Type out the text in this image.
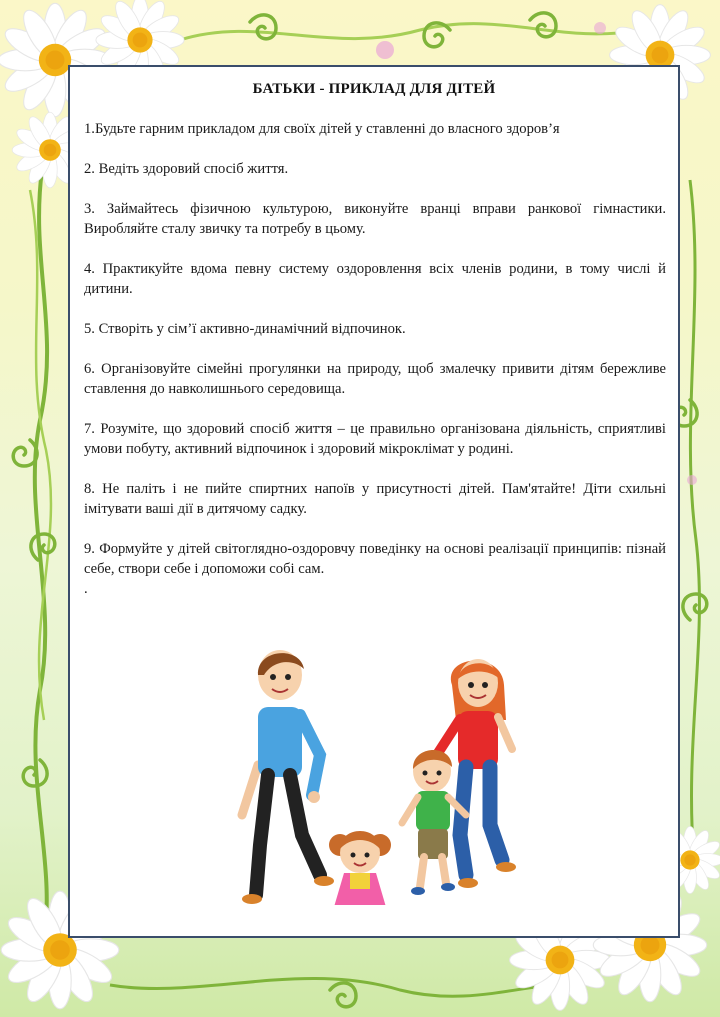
БАТЬКИ - ПРИКЛАД ДЛЯ ДІТЕЙ

1.Будьте гарним прикладом для своїх дітей у ставленні до власного здоров’я

2. Ведіть здоровий спосіб життя.

3. Займайтесь фізичною культурою, виконуйте вранці вправи ранкової гімнастики. Виробляйте сталу звичку та потребу в цьому.

4. Практикуйте вдома певну систему оздоровлення всіх членів родини, в тому числі й дитини.

5. Створіть у сім’ї активно-динамічний відпочинок.

6. Організовуйте сімейні прогулянки на природу, щоб змалечку привити дітям бережливе ставлення до навколишнього середовища.

7. Розуміте, що здоровий спосіб життя – це правильно організована діяльність, сприятливі умови побуту, активний відпочинок і здоровий мікроклімат у родині.

8. Не паліть і не пийте спиртних напоїв у присутності дітей. Пам'ятайте! Діти схильні імітувати ваші дії в дитячому садку.

9. Формуйте у дітей світоглядно-оздоровчу поведінку на основі реалізації принципів: пізнай себе, створи себе і допоможи собі сам.

.
